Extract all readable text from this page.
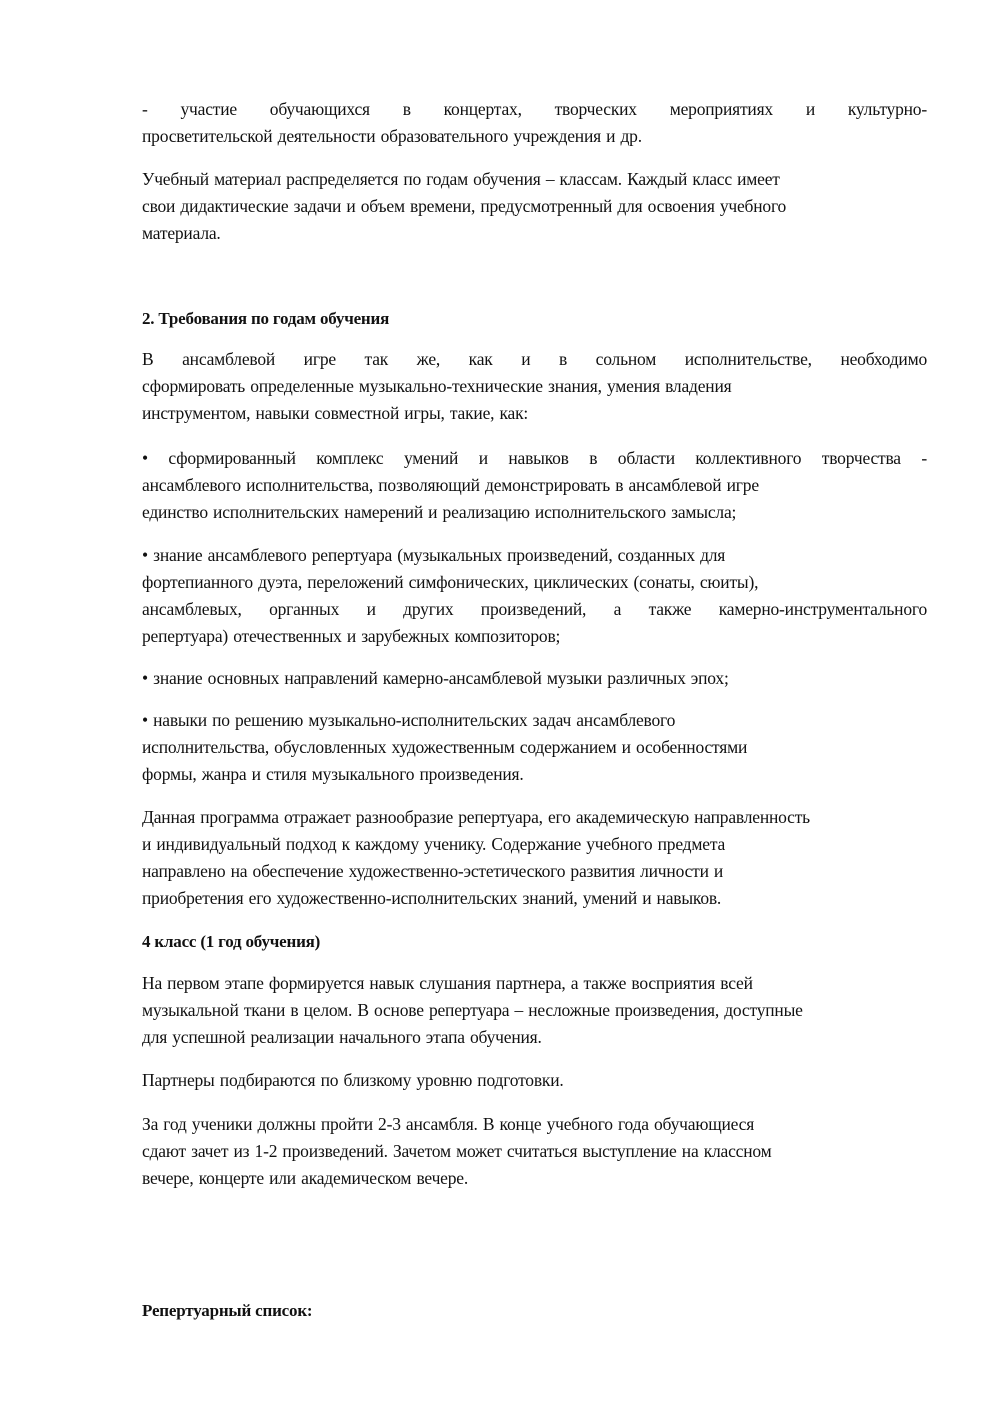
- участие обучающихся в концертах, творческих мероприятиях и культурно-
просветительской деятельности образовательного учреждения и др.
Учебный материал распределяется по годам обучения – классам. Каждый класс имеет
свои дидактические задачи и объем времени, предусмотренный для освоения учебного
материала.
2. Требования по годам обучения
В ансамблевой игре так же, как и в сольном исполнительстве, необходимо
сформировать определенные музыкально-технические знания, умения владения
инструментом, навыки совместной игры, такие, как:
• сформированный комплекс умений и навыков в области коллективного творчества -
ансамблевого исполнительства, позволяющий демонстрировать в ансамблевой игре
единство исполнительских намерений и реализацию исполнительского замысла;
• знание ансамблевого репертуара (музыкальных произведений, созданных для
фортепианного дуэта, переложений симфонических, циклических (сонаты, сюиты),
ансамблевых, органных и других произведений, а также камерно-инструментального
репертуара) отечественных и зарубежных композиторов;
• знание основных направлений камерно-ансамблевой музыки различных эпох;
• навыки по решению музыкально-исполнительских задач ансамблевого
исполнительства, обусловленных художественным содержанием и особенностями
формы, жанра и стиля музыкального произведения.
Данная программа отражает разнообразие репертуара, его академическую направленность
и индивидуальный подход к каждому ученику. Содержание учебного предмета
направлено на обеспечение художественно-эстетического развития личности и
приобретения его художественно-исполнительских знаний, умений и навыков.
4 класс (1 год обучения)
На первом этапе формируется навык слушания партнера, а также восприятия всей
музыкальной ткани в целом. В основе репертуара – несложные произведения, доступные
для успешной реализации начального этапа обучения.
Партнеры подбираются по близкому уровню подготовки.
За год ученики должны пройти 2-3 ансамбля. В конце учебного года обучающиеся
сдают зачет из 1-2 произведений. Зачетом может считаться выступление на классном
вечере, концерте или академическом вечере.
Репертуарный список:
